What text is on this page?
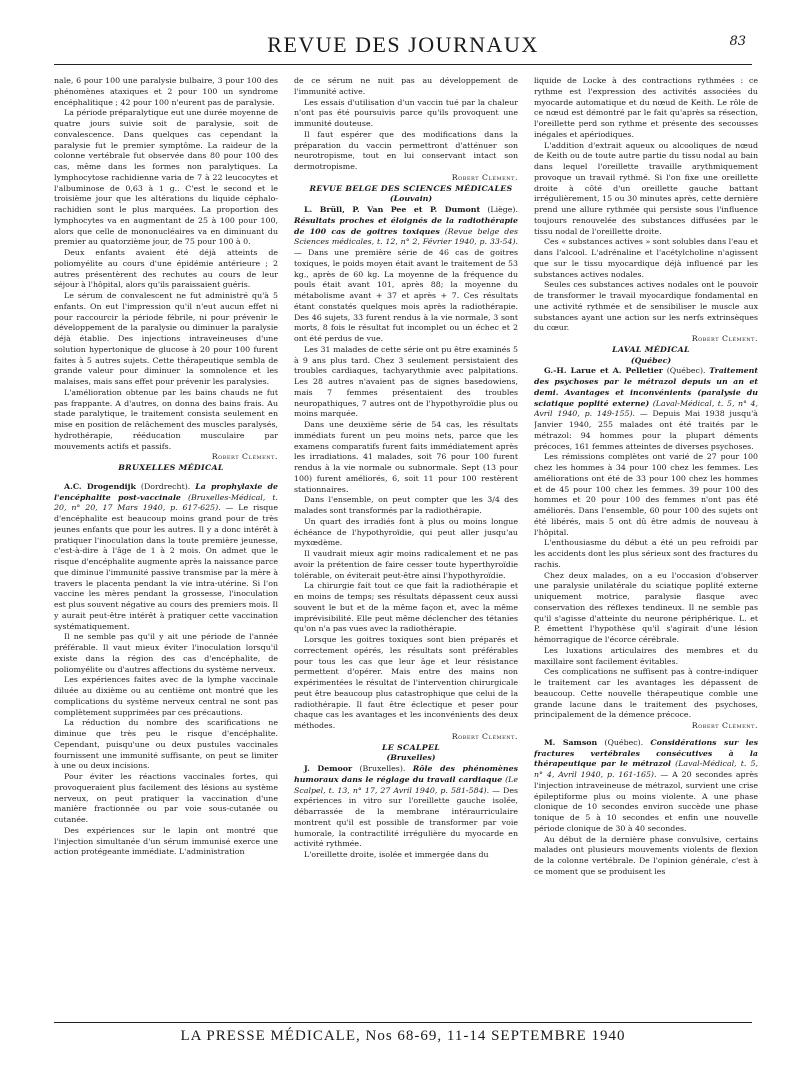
REVUE DES JOURNAUX	83

nale, 6 pour 100 une paralysie bulbaire, 3 pour 100 des phénomènes ataxiques et 2 pour 100 un syndrome encéphalitique ; 42 pour 100 n'eurent pas de paralysie.

La période préparalytique eut une durée moyenne de quatre jours suivie soit de paralysie, soit de convalescence. Dans quelques cas cependant la paralysie fut le premier symptôme. La raideur de la colonne vertébrale fut observée dans 80 pour 100 des cas, même dans les formes non paralytiques. La lymphocytose rachidienne varia de 7 à 22 leucocytes et l'albuminose de 0,63 à 1 g.. C'est le second et le troisième jour que les altérations du liquide céphalo-rachidien sont le plus marquées. La proportion des lymphocytes va en augmentant de 25 à 100 pour 100, alors que celle de mononucléaires va en diminuant du premier au quatorzième jour, de 75 pour 100 à 0.

Deux enfants avaient été déjà atteints de poliomyélite au cours d'une épidémie antérieure ; 2 autres présentèrent des rechutes au cours de leur séjour à l'hôpital, alors qu'ils paraissaient guéris.

Le sérum de convalescent ne fut administré qu'à 5 enfants. On eut l'impression qu'il n'eut aucun effet ni pour raccourcir la période fébrile, ni pour prévenir le développement de la paralysie ou diminuer la paralysie déjà établie. Des injections intraveineuses d'une solution hypertonique de glucose à 20 pour 100 furent faites à 5 autres sujets. Cette thérapeutique sembla de grande valeur pour diminuer la somnolence et les malaises, mais sans effet pour prévenir les paralysies.

L'amélioration obtenue par les bains chauds ne fut pas frappante. A d'autres, on donna des bains frais. Au stade paralytique, le traitement consista seulement en mise en position de relâchement des muscles paralysés, hydrothérapie, rééducation musculaire par mouvements actifs et passifs.

Robert Clément.

BRUXELLES MÉDICAL

A.C. Drogendijk (Dordrecht). La prophylaxie de l'encéphalite post-vaccinale (Bruxelles-Médical, t. 20, n° 20, 17 Mars 1940, p. 617-625). — Le risque d'encéphalite est beaucoup moins grand pour de très jeunes enfants que pour les autres. Il y a donc intérêt à pratiquer l'inoculation dans la toute première jeunesse, c'est-à-dire à l'âge de 1 à 2 mois. On admet que le risque d'encéphalite augmente après la naissance parce que diminue l'immunité passive transmise par la mère à travers le placenta pendant la vie intra-utérine. Si l'on vaccine les mères pendant la grossesse, l'inoculation est plus souvent négative au cours des premiers mois. Il y aurait peut-être intérêt à pratiquer cette vaccination systématiquement.

Il ne semble pas qu'il y ait une période de l'année préférable. Il vaut mieux éviter l'inoculation lorsqu'il existe dans la région des cas d'encéphalite, de poliomyélite ou d'autres affections du système nerveux.

Les expériences faites avec de la lymphe vaccinale diluée au dixième ou au centième ont montré que les complications du système nerveux central ne sont pas complètement supprimées par ces précautions.

La réduction du nombre des scarifications ne diminue que très peu le risque d'encéphalite. Cependant, puisqu'une ou deux pustules vaccinales fournissent une immunité suffisante, on peut se limiter à une ou deux incisions.

Pour éviter les réactions vaccinales fortes, qui provoqueraient plus facilement des lésions au système nerveux, on peut pratiquer la vaccination d'une manière fractionnée ou par voie sous-cutanée ou cutanée.

Des expériences sur le lapin ont montré que l'injection simultanée d'un sérum immunisé exerce une action protégeante immédiate. L'administration

de ce sérum ne nuit pas au développement de l'immunité active.

Les essais d'utilisation d'un vaccin tué par la chaleur n'ont pas été poursuivis parce qu'ils provoquent une immunité douteuse.

Il faut espérer que des modifications dans la préparation du vaccin permettront d'atténuer son neurotropisme, tout en lui conservant intact son dermotropisme.

Robert Clément.

REVUE BELGE DES SCIENCES MÉDICALES

(Louvain)

L. Brüll, P. Van Pee et P. Dumont (Liège). Résultats proches et éloignés de la radiothérapie de 100 cas de goitres toxiques (Revue belge des Sciences médicales, t. 12, n° 2, Février 1940, p. 33-54). — Dans une première série de 46 cas de goitres toxiques, le poids moyen était avant le traitement de 53 kg., après de 60 kg. La moyenne de la fréquence du pouls était avant 101, après 88; la moyenne du métabolisme avant + 37 et après + 7. Ces résultats étant constatés quelques mois après la radiothérapie. Des 46 sujets, 33 furent rendus à la vie normale, 3 sont morts, 8 fois le résultat fut incomplet ou un échec et 2 ont été perdus de vue.

Les 31 malades de cette série ont pu être examinés 5 à 9 ans plus tard. Chez 3 seulement persistaient des troubles cardiaques, tachyarythmie avec palpitations. Les 28 autres n'avaient pas de signes basedowiens, mais 7 femmes présentaient des troubles neuropathiques, 7 autres ont de l'hypothyroïdie plus ou moins marquée.

Dans une deuxième série de 54 cas, les résultats immédiats furent un peu moins nets, parce que les examens comparatifs furent faits immédiatement après les irradiations. 41 malades, soit 76 pour 100 furent rendus à la vie normale ou subnormale. Sept (13 pour 100) furent améliorés, 6, soit 11 pour 100 restèrent stationnaires.

Dans l'ensemble, on peut compter que les 3/4 des malades sont transformés par la radiothérapie.

Un quart des irradiés font à plus ou moins longue échéance de l'hypothyroïdie, qui peut aller jusqu'au myxœdème.

Il vaudrait mieux agir moins radicalement et ne pas avoir la prétention de faire cesser toute hyperthyroïdie tolérable, on éviterait peut-être ainsi l'hypothyroïdie.

La chirurgie fait tout ce que fait la radiothérapie et en moins de temps; ses résultats dépassent ceux aussi souvent le but et de la même façon et, avec la même imprévisibilité. Elle peut même déclencher des tétanies qu'on n'a pas vues avec la radiothérapie.

Lorsque les goitres toxiques sont bien préparés et correctement opérés, les résultats sont préférables pour tous les cas que leur âge et leur résistance permettent d'opérer. Mais entre des mains non expérimentées le résultat de l'intervention chirurgicale peut être beaucoup plus catastrophique que celui de la radiothérapie. Il faut être éclectique et peser pour chaque cas les avantages et les inconvénients des deux méthodes.

Robert Clément.

LE SCALPEL

(Bruxelles)

J. Demoor (Bruxelles). Rôle des phénomènes humoraux dans le réglage du travail cardiaque (Le Scalpel, t. 13, n° 17, 27 Avril 1940, p. 581-584). — Des expériences in vitro sur l'oreillette gauche isolée, débarrassée de la membrane intéraurriculaire montrent qu'il est possible de transformer par voie humorale, la contractilité irrégulière du myocarde en activité rythmée.

L'oreillette droite, isolée et immergée dans du

liquide de Locke à des contractions rythmées : ce rythme est l'expression des activités associées du myocarde automatique et du nœud de Keith. Le rôle de ce nœud est démontré par le fait qu'après sa résection, l'oreillette perd son rythme et présente des secousses inégales et apériodiques.

L'addition d'extrait aqueux ou alcooliques de nœud de Keith ou de toute autre partie du tissu nodal au bain dans lequel l'oreillette travaille arythmiquement provoque un travail rythmé. Si l'on fixe une oreillette droite à côté d'un oreillette gauche battant irrégulièrement, 15 ou 30 minutes après, cette dernière prend une allure rythmée qui persiste sous l'influence toujours renouvelée des substances diffusées par le tissu nodal de l'oreillette droite.

Ces « substances actives » sont solubles dans l'eau et dans l'alcool. L'adrénaline et l'acétylcholine n'agissent que sur le tissu myocardique déjà influencé par les substances actives nodales.

Seules ces substances actives nodales ont le pouvoir de transformer le travail myocardique fondamental en une activité rythmée et de sensibiliser le muscle aux substances ayant une action sur les nerfs extrinsèques du cœur.

Robert Clément.

LAVAL MÉDICAL

(Québec)

G.-H. Larue et A. Pelletier (Québec). Traitement des psychoses par le métrazol depuis un an et demi. Avantages et inconvénients (paralysie du sciatique poplité externe) (Laval-Médical, t. 5, n° 4, Avril 1940, p. 149-155). — Depuis Mai 1938 jusqu'à Janvier 1940, 255 malades ont été traités par le métrazol: 94 hommes pour la plupart déments précoces, 161 femmes atteintes de diverses psychoses.

Les rémissions complètes ont varié de 27 pour 100 chez les hommes à 34 pour 100 chez les femmes. Les améliorations ont été de 33 pour 100 chez les hommes et de 45 pour 100 chez les femmes. 39 pour 100 des hommes et 20 pour 100 des femmes n'ont pas été améliorés. Dans l'ensemble, 60 pour 100 des sujets ont été libérés, mais 5 ont dû être admis de nouveau à l'hôpital.

L'enthousiasme du début a été un peu refroidi par les accidents dont les plus sérieux sont des fractures du rachis.

Chez deux malades, on a eu l'occasion d'observer une paralysie unilatérale du sciatique poplité externe uniquement motrice, paralysie flasque avec conservation des réflexes tendineux. Il ne semble pas qu'il s'agisse d'atteinte du neurone périphérique. L. et P. émettent l'hypothèse qu'il s'agirait d'une lésion hémorragique de l'écorce cérébrale.

Les luxations articulaires des membres et du maxillaire sont facilement évitables.

Ces complications ne suffisent pas à contre-indiquer le traitement car les avantages les dépassent de beaucoup. Cette nouvelle thérapeutique comble une grande lacune dans le traitement des psychoses, principalement de la démence précoce.

Robert Clément.

M. Samson (Québec). Considérations sur les fractures vertébrales consécutives à la thérapeutique par le métrazol (Laval-Médical, t. 5, n° 4, Avril 1940, p. 161-165). — A 20 secondes après l'injection intraveineuse de métrazol, survient une crise épileptiforme plus ou moins violente. A une phase clonique de 10 secondes environ succède une phase tonique de 5 à 10 secondes et enfin une nouvelle période clonique de 30 à 40 secondes.

Au début de la dernière phase convulsive, certains malades ont plusieurs mouvements violents de flexion de la colonne vertébrale. De l'opinion générale, c'est à ce moment que se produisent les

LA PRESSE MÉDICALE, Nos 68-69, 11-14 SEPTEMBRE 1940
